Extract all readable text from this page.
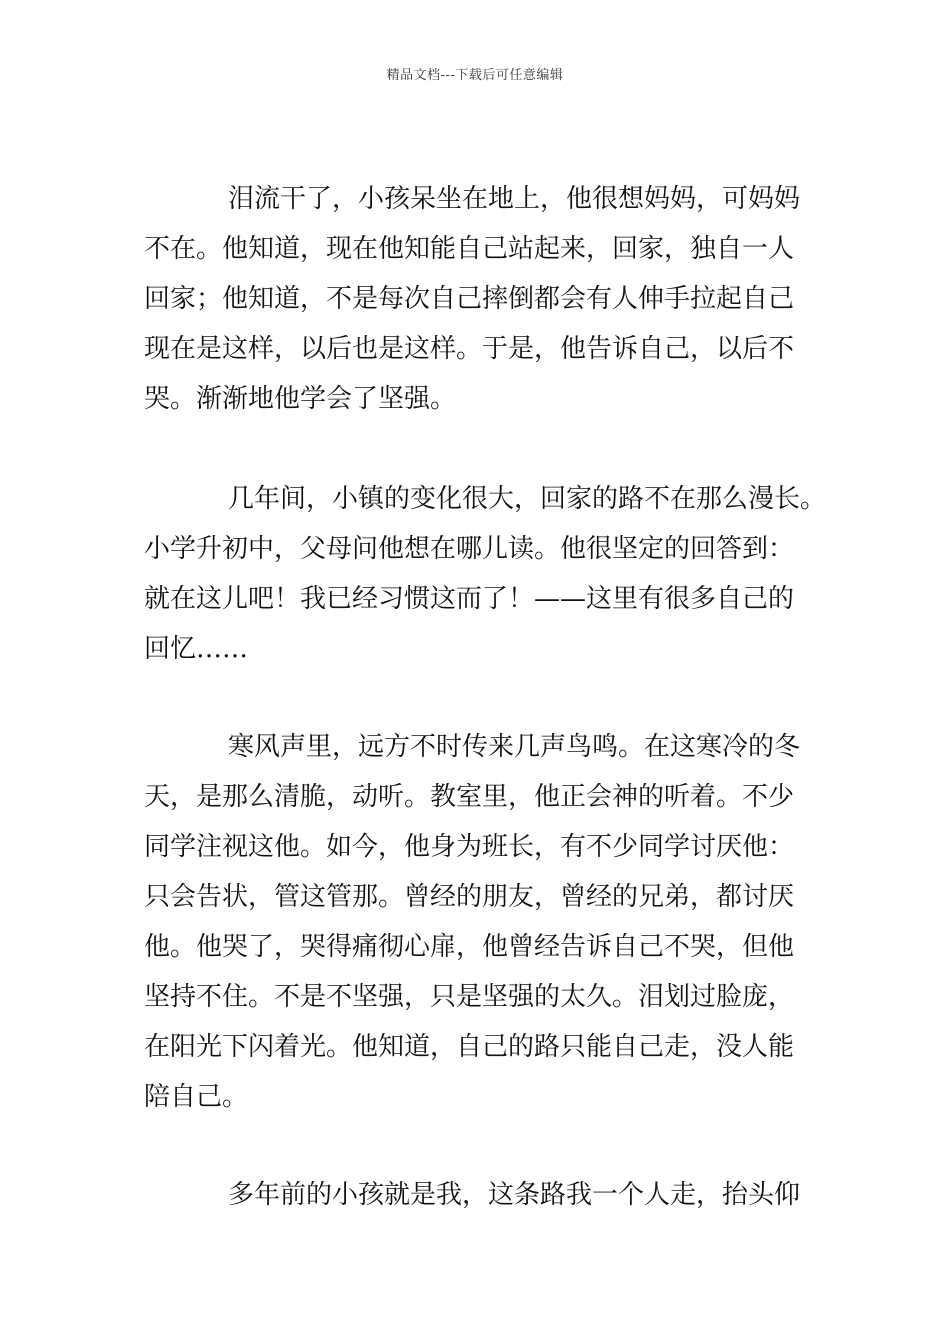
精品文档---下载后可任意编辑
泪流干了，小孩呆坐在地上，他很想妈妈，可妈妈
不在。他知道，现在他知能自己站起来，回家，独自一人
回家；他知道，不是每次自己摔倒都会有人伸手拉起自己
现在是这样，以后也是这样。于是，他告诉自己，以后不
哭。渐渐地他学会了坚强。
几年间，小镇的变化很大，回家的路不在那么漫长。
小学升初中，父母问他想在哪儿读。他很坚定的回答到：
就在这儿吧！我已经习惯这而了！——这里有很多自己的
回忆……
寒风声里，远方不时传来几声鸟鸣。在这寒冷的冬
天，是那么清脆，动听。教室里，他正会神的听着。不少
同学注视这他。如今，他身为班长，有不少同学讨厌他：
只会告状，管这管那。曾经的朋友，曾经的兄弟，都讨厌
他。他哭了，哭得痛彻心扉，他曾经告诉自己不哭，但他
坚持不住。不是不坚强，只是坚强的太久。泪划过脸庞，
在阳光下闪着光。他知道，自己的路只能自己走，没人能
陪自己。
多年前的小孩就是我，这条路我一个人走，抬头仰
